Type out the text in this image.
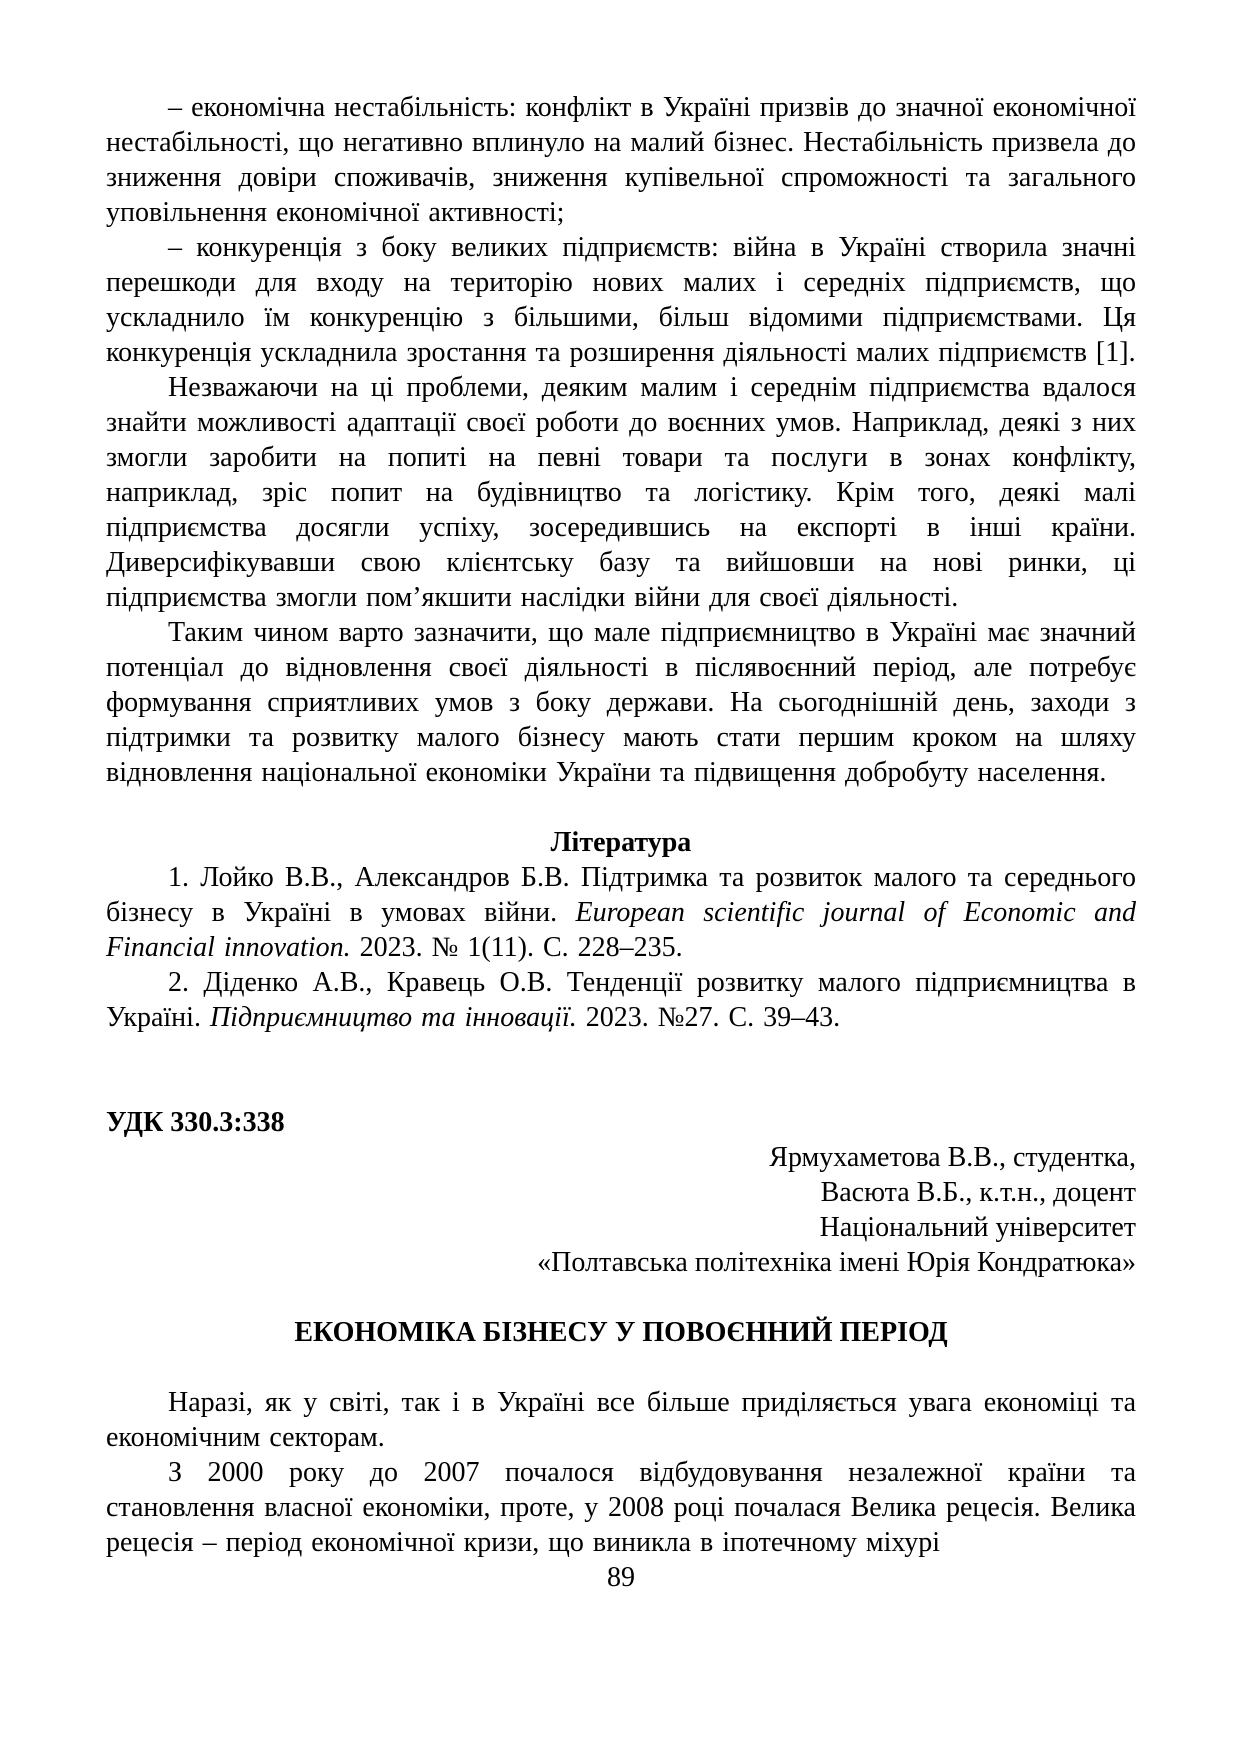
– економічна нестабільність: конфлікт в Україні призвів до значної економічної нестабільності, що негативно вплинуло на малий бізнес. Нестабільність призвела до зниження довіри споживачів, зниження купівельної спроможності та загального уповільнення економічної активності;

– конкуренція з боку великих підприємств: війна в Україні створила значні перешкоди для входу на територію нових малих і середніх підприємств, що ускладнило їм конкуренцію з більшими, більш відомими підприємствами. Ця конкуренція ускладнила зростання та розширення діяльності малих підприємств [1].

Незважаючи на ці проблеми, деяким малим і середнім підприємства вдалося знайти можливості адаптації своєї роботи до воєнних умов. Наприклад, деякі з них змогли заробити на попиті на певні товари та послуги в зонах конфлікту, наприклад, зріс попит на будівництво та логістику. Крім того, деякі малі підприємства досягли успіху, зосередившись на експорті в інші країни. Диверсифікувавши свою клієнтську базу та вийшовши на нові ринки, ці підприємства змогли пом’якшити наслідки війни для своєї діяльності.

Таким чином варто зазначити, що мале підприємництво в Україні має значний потенціал до відновлення своєї діяльності в післявоєнний період, але потребує формування сприятливих умов з боку держави. На сьогоднішній день, заходи з підтримки та розвитку малого бізнесу мають стати першим кроком на шляху відновлення національної економіки України та підвищення добробуту населення.

Література

1. Лойко В.В., Александров Б.В. Підтримка та розвиток малого та середнього бізнесу в Україні в умовах війни. European scientific journal of Economic and Financial innovation. 2023. № 1(11). С. 228–235.

2. Діденко А.В., Кравець О.В. Тенденції розвитку малого підприємництва в Україні. Підприємництво та інновації. 2023. №27. С. 39–43.

УДК 330.3:338

Ярмухаметова В.В., студентка,

Васюта В.Б., к.т.н., доцент

Національний університет

«Полтавська політехніка імені Юрія Кондратюка»

ЕКОНОМІКА БІЗНЕСУ У ПОВОЄННИЙ ПЕРІОД

Наразі, як у світі, так і в Україні все більше приділяється увага економіці та економічним секторам.

З 2000 року до 2007 почалося відбудовування незалежної країни та становлення власної економіки, проте, у 2008 році почалася Велика рецесія. Велика рецесія – період економічної кризи, що виникла в іпотечному міхурі

89
